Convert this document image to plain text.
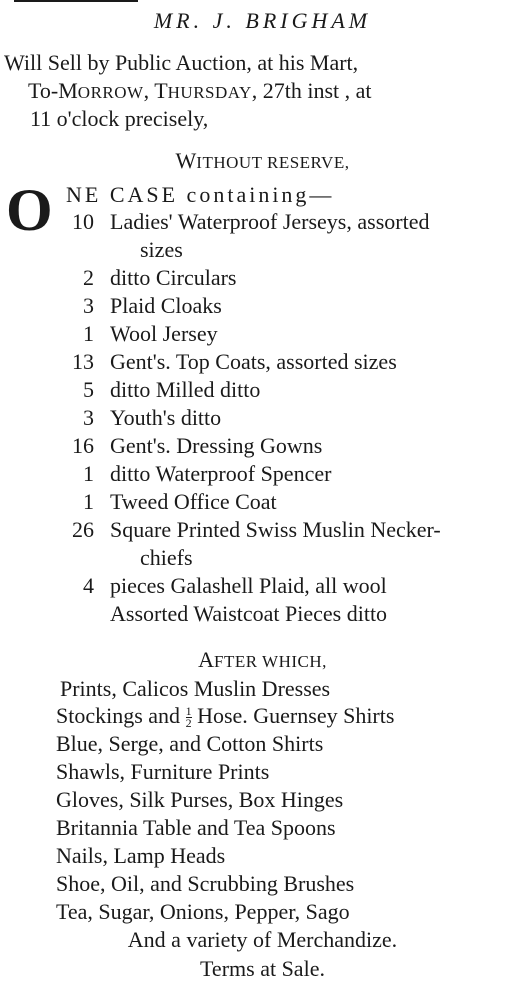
MR. J. BRIGHAM
Will Sell by Public Auction, at his Mart,
To-MORROW, THURSDAY, 27th inst , at
11 o'clock precisely,
WITHOUT RESERVE,
O NE CASE containing—
10 Ladies' Waterproof Jerseys, assorted
sizes
2 ditto Circulars
3 Plaid Cloaks
1 Wool Jersey
13 Gent's. Top Coats, assorted sizes
5 ditto Milled ditto
3 Youth's ditto
16 Gent's. Dressing Gowns
1 ditto Waterproof Spencer
1 Tweed Office Coat
26 Square Printed Swiss Muslin Necker-
chiefs
4 pieces Galashell Plaid, all wool
Assorted Waistcoat Pieces ditto
AFTER WHICH,
Prints, Calicos Muslin Dresses
Stockings and $\frac{1}{2}$ Hose. Guernsey Shirts
Blue, Serge, and Cotton Shirts
Shawls, Furniture Prints
Gloves, Silk Purses, Box Hinges
Britannia Table and Tea Spoons
Nails, Lamp Heads
Shoe, Oil, and Scrubbing Brushes
Tea, Sugar, Onions, Pepper, Sago
And a variety of Merchandize.
Terms at Sale.
